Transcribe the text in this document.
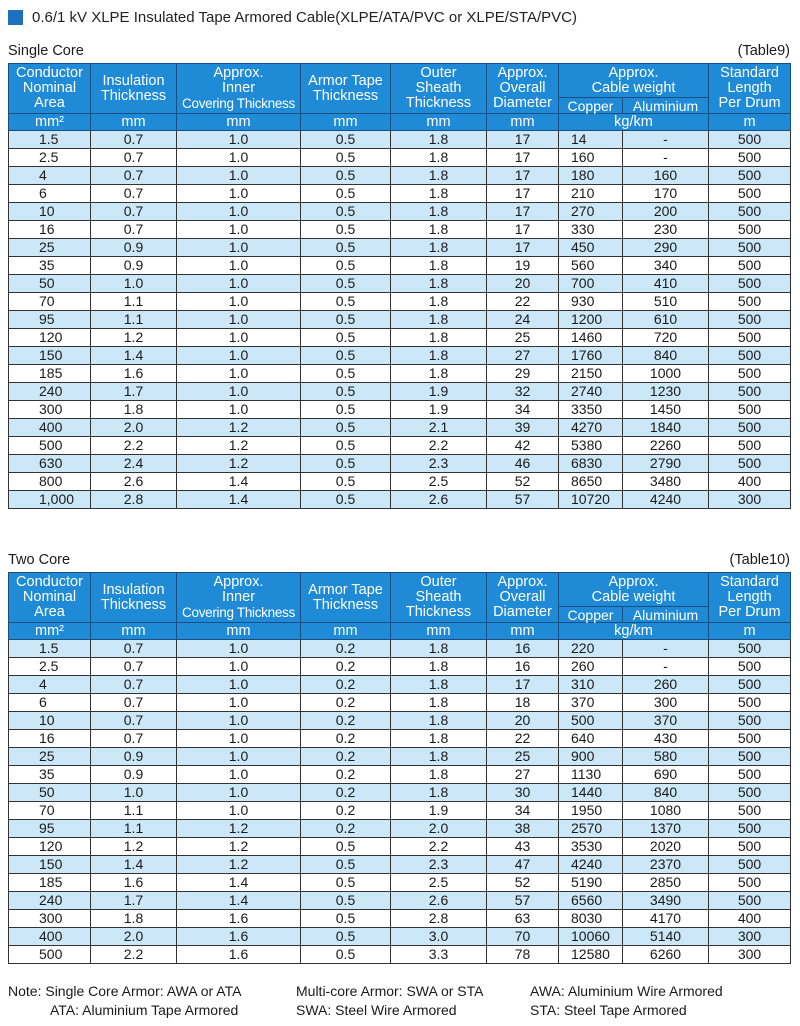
0.6/1 kV XLPE Insulated Tape Armored Cable(XLPE/ATA/PVC or XLPE/STA/PVC)
Single Core	(Table9)
Conductor
Nominal
Area	Insulation
Thickness	Approx.
Inner
Covering Thickness	Armor Tape
Thickness	Outer
Sheath
Thickness	Approx.
Overall
Diameter	Approx.
Cable weight		Standard
Length
Per Drum
						Copper	Aluminium	
mm²	mm	mm	mm	mm	mm	kg/km		m
1.5	0.7	1.0	0.5	1.8	17	14	-	500
2.5	0.7	1.0	0.5	1.8	17	160	-	500
4	0.7	1.0	0.5	1.8	17	180	160	500
6	0.7	1.0	0.5	1.8	17	210	170	500
10	0.7	1.0	0.5	1.8	17	270	200	500
16	0.7	1.0	0.5	1.8	17	330	230	500
25	0.9	1.0	0.5	1.8	17	450	290	500
35	0.9	1.0	0.5	1.8	19	560	340	500
50	1.0	1.0	0.5	1.8	20	700	410	500
70	1.1	1.0	0.5	1.8	22	930	510	500
95	1.1	1.0	0.5	1.8	24	1200	610	500
120	1.2	1.0	0.5	1.8	25	1460	720	500
150	1.4	1.0	0.5	1.8	27	1760	840	500
185	1.6	1.0	0.5	1.8	29	2150	1000	500
240	1.7	1.0	0.5	1.9	32	2740	1230	500
300	1.8	1.0	0.5	1.9	34	3350	1450	500
400	2.0	1.2	0.5	2.1	39	4270	1840	500
500	2.2	1.2	0.5	2.2	42	5380	2260	500
630	2.4	1.2	0.5	2.3	46	6830	2790	500
800	2.6	1.4	0.5	2.5	52	8650	3480	400
1,000	2.8	1.4	0.5	2.6	57	10720	4240	300
Two Core	(Table10)
Conductor
Nominal
Area	Insulation
Thickness	Approx.
Inner
Covering Thickness	Armor Tape
Thickness	Outer
Sheath
Thickness	Approx.
Overall
Diameter	Approx.
Cable weight		Standard
Length
Per Drum
						Copper	Aluminium	
mm²	mm	mm	mm	mm	mm	kg/km		m
1.5	0.7	1.0	0.2	1.8	16	220	-	500
2.5	0.7	1.0	0.2	1.8	16	260	-	500
4	0.7	1.0	0.2	1.8	17	310	260	500
6	0.7	1.0	0.2	1.8	18	370	300	500
10	0.7	1.0	0.2	1.8	20	500	370	500
16	0.7	1.0	0.2	1.8	22	640	430	500
25	0.9	1.0	0.2	1.8	25	900	580	500
35	0.9	1.0	0.2	1.8	27	1130	690	500
50	1.0	1.0	0.2	1.8	30	1440	840	500
70	1.1	1.0	0.2	1.9	34	1950	1080	500
95	1.1	1.2	0.2	2.0	38	2570	1370	500
120	1.2	1.2	0.5	2.2	43	3530	2020	500
150	1.4	1.2	0.5	2.3	47	4240	2370	500
185	1.6	1.4	0.5	2.5	52	5190	2850	500
240	1.7	1.4	0.5	2.6	57	6560	3490	500
300	1.8	1.6	0.5	2.8	63	8030	4170	400
400	2.0	1.6	0.5	3.0	70	10060	5140	300
500	2.2	1.6	0.5	3.3	78	12580	6260	300
Note: Single Core Armor: AWA or ATA	Multi-core Armor: SWA or STA	AWA: Aluminium Wire Armored
ATA: Aluminium Tape Armored	SWA: Steel Wire Armored	STA: Steel Tape Armored
